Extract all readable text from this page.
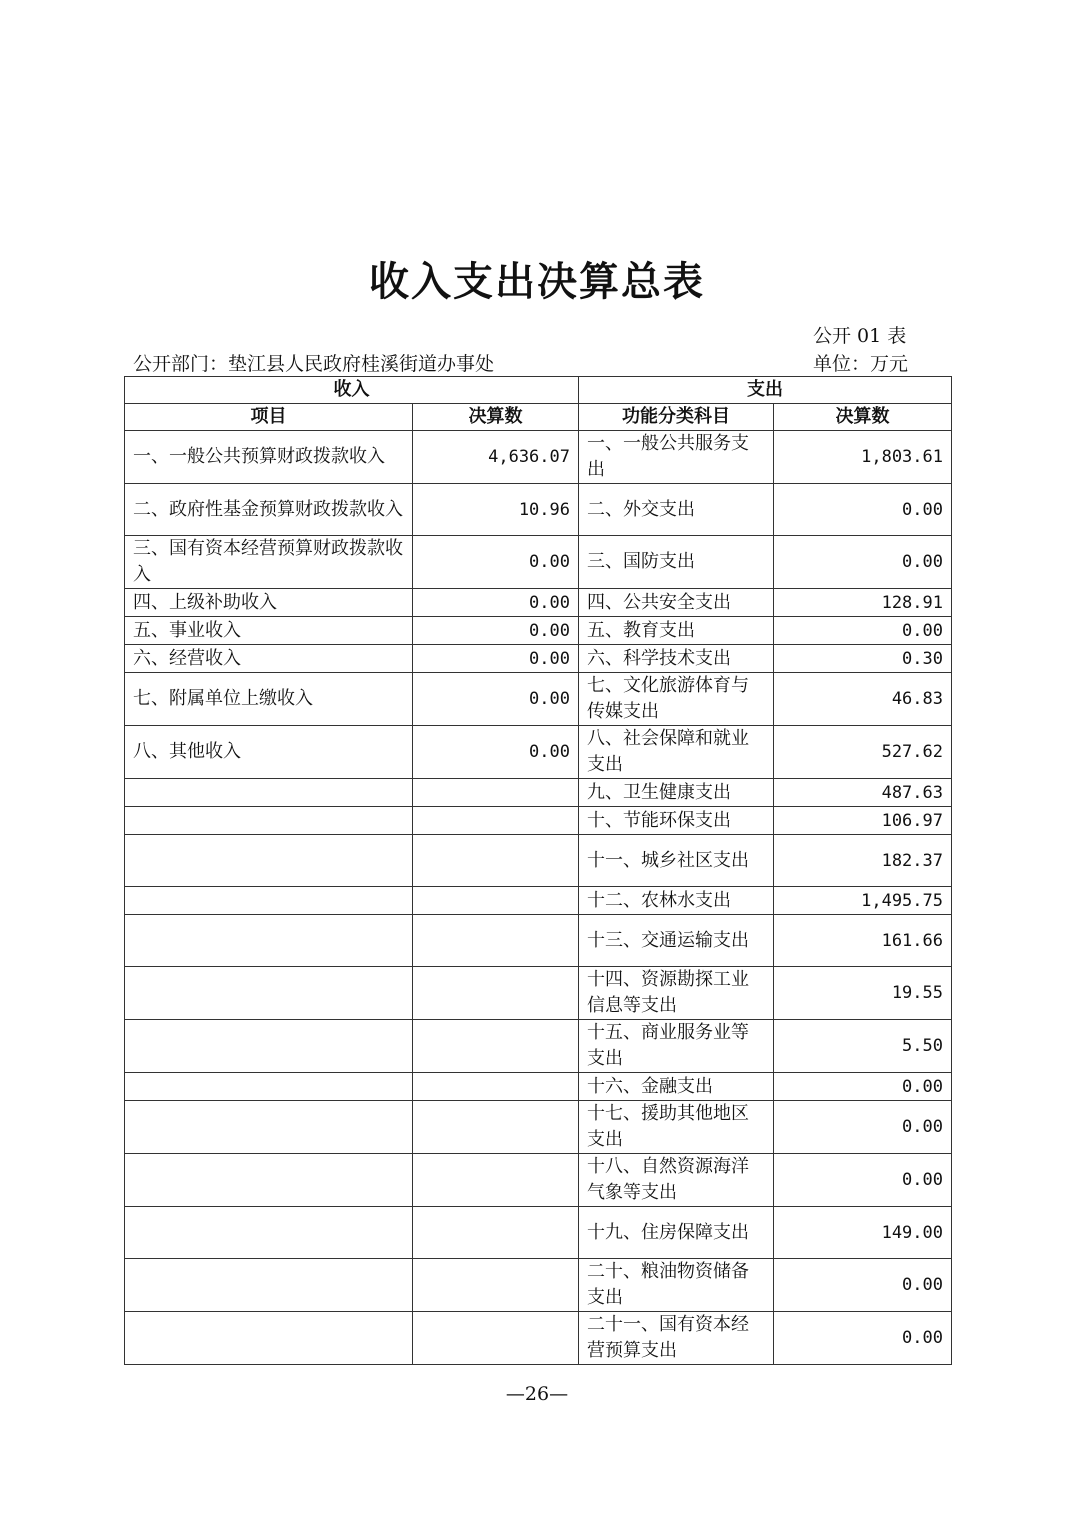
收入支出决算总表
公开 01 表
公开部门：垫江县人民政府桂溪街道办事处	单位：万元
收入		支出	
项目	决算数	功能分类科目	决算数
一、一般公共预算财政拨款收入	4,636.07	一、一般公共服务支出	1,803.61
二、政府性基金预算财政拨款收入	10.96	二、外交支出	0.00
三、国有资本经营预算财政拨款收入	0.00	三、国防支出	0.00
四、上级补助收入	0.00	四、公共安全支出	128.91
五、事业收入	0.00	五、教育支出	0.00
六、经营收入	0.00	六、科学技术支出	0.30
七、附属单位上缴收入	0.00	七、文化旅游体育与传媒支出	46.83
八、其他收入	0.00	八、社会保障和就业支出	527.62
		九、卫生健康支出	487.63
		十、节能环保支出	106.97
		十一、城乡社区支出	182.37
		十二、农林水支出	1,495.75
		十三、交通运输支出	161.66
		十四、资源勘探工业信息等支出	19.55
		十五、商业服务业等支出	5.50
		十六、金融支出	0.00
		十七、援助其他地区支出	0.00
		十八、自然资源海洋气象等支出	0.00
		十九、住房保障支出	149.00
		二十、粮油物资储备支出	0.00
		二十一、国有资本经营预算支出	0.00
—26—
